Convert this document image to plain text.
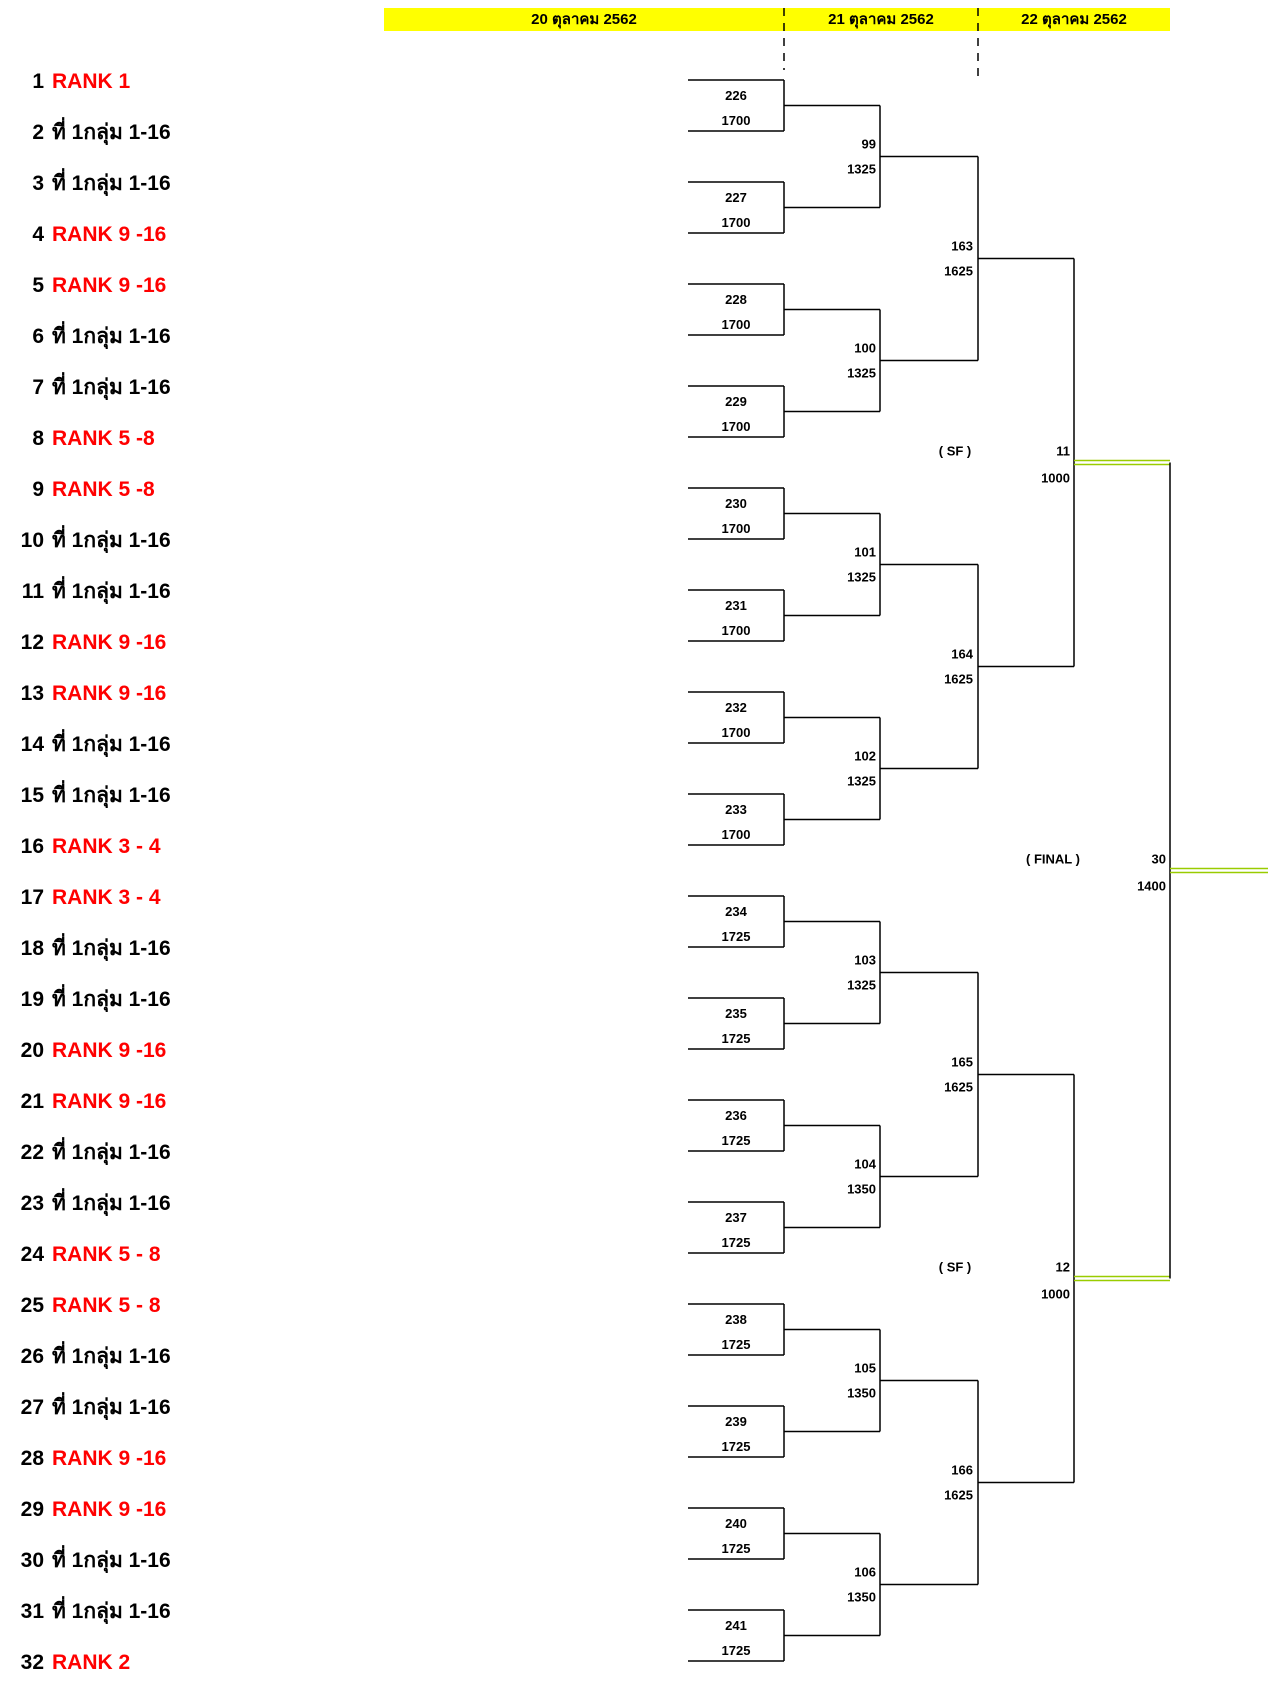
20 ตุลาคม 2562	21 ตุลาคม 2562	22 ตุลาคม 2562
1 RANK 1
2 ที่ 1กลุ่ม 1-16
3 ที่ 1กลุ่ม 1-16
4 RANK 9 -16
5 RANK 9 -16
6 ที่ 1กลุ่ม 1-16
7 ที่ 1กลุ่ม 1-16
8 RANK 5 -8
9 RANK 5 -8
10 ที่ 1กลุ่ม 1-16
11 ที่ 1กลุ่ม 1-16
12 RANK 9 -16
13 RANK 9 -16
14 ที่ 1กลุ่ม 1-16
15 ที่ 1กลุ่ม 1-16
16 RANK 3 - 4
17 RANK 3 - 4
18 ที่ 1กลุ่ม 1-16
19 ที่ 1กลุ่ม 1-16
20 RANK 9 -16
21 RANK 9 -16
22 ที่ 1กลุ่ม 1-16
23 ที่ 1กลุ่ม 1-16
24 RANK 5 - 8
25 RANK 5 - 8
26 ที่ 1กลุ่ม 1-16
27 ที่ 1กลุ่ม 1-16
28 RANK 9 -16
29 RANK 9 -16
30 ที่ 1กลุ่ม 1-16
31 ที่ 1กลุ่ม 1-16
32 RANK 2
226
1700
227
1700
228
1700
229
1700
230
1700
231
1700
232
1700
233
1700
234
1725
235
1725
236
1725
237
1725
238
1725
239
1725
240
1725
241
1725
99
1325
100
1325
101
1325
102
1325
103
1325
104
1350
105
1350
106
1350
163
1625
164
1625
165
1625
166
1625
11
1000
( SF )
12
1000
( SF )
30
1400
( FINAL )
